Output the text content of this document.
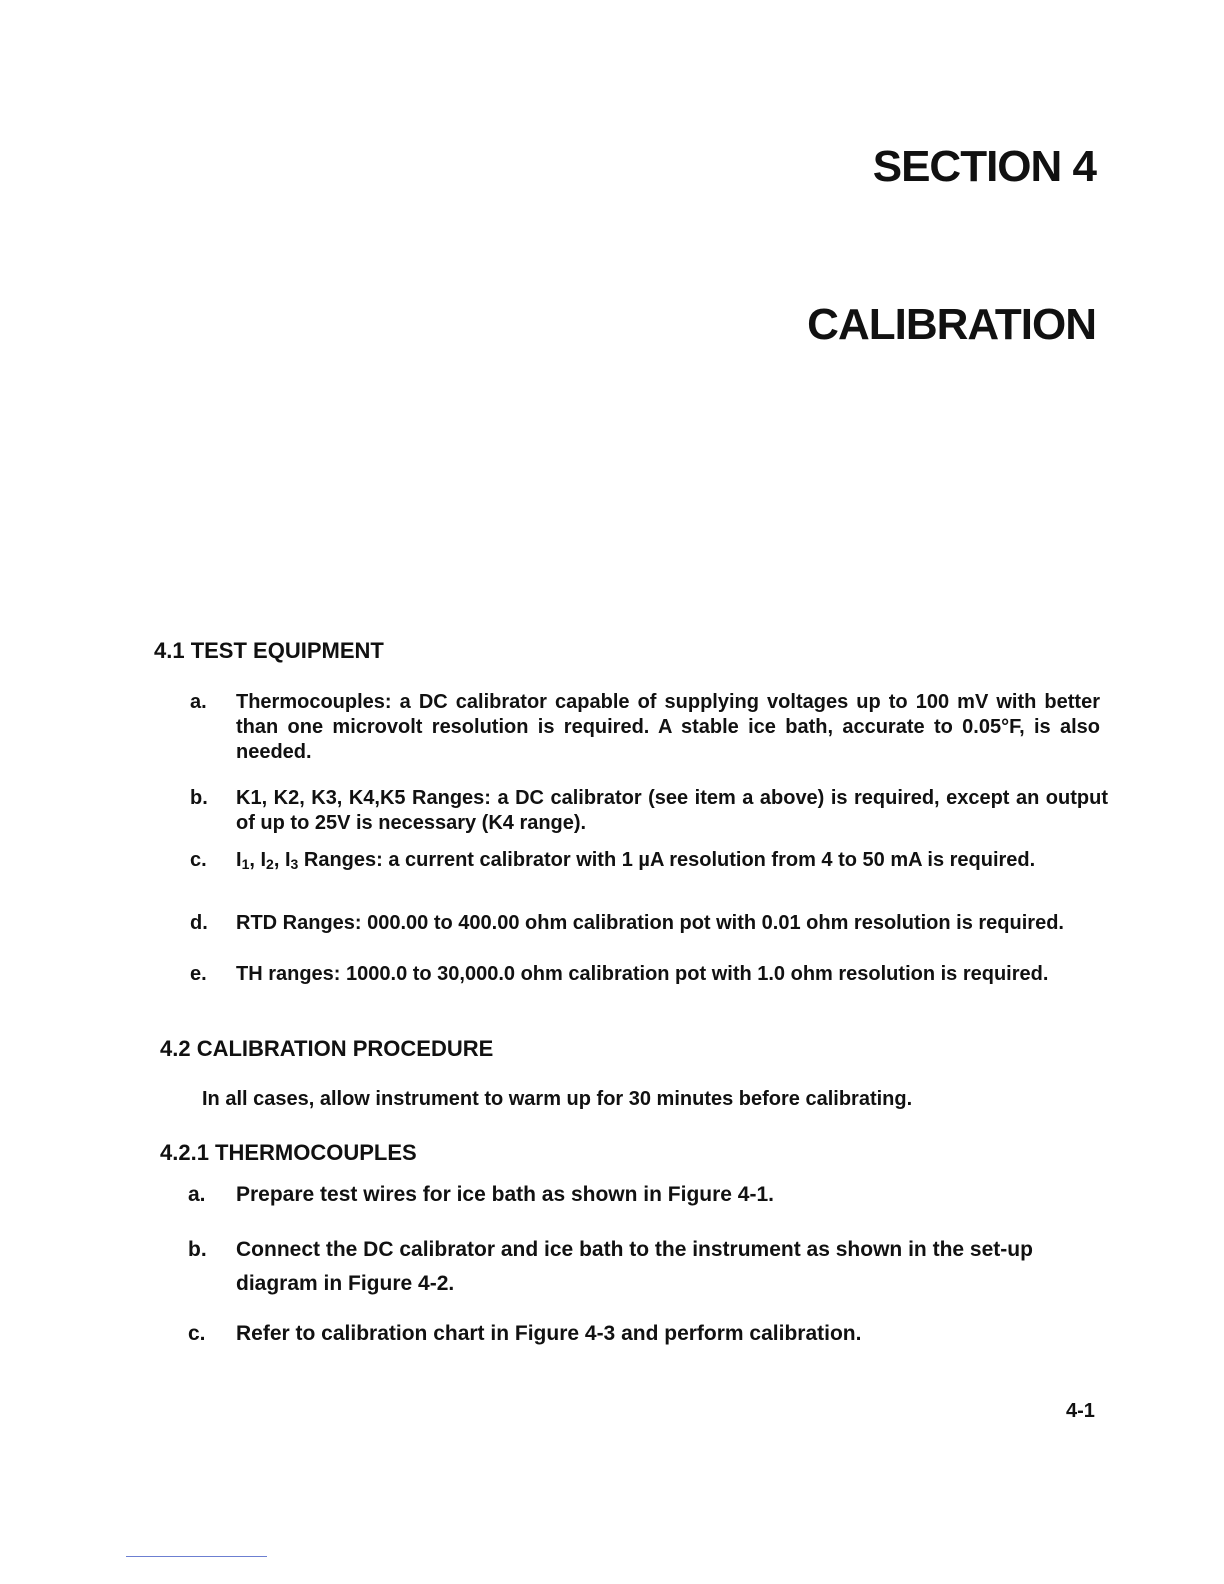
SECTION 4
CALIBRATION
4.1 TEST EQUIPMENT
a.	Thermocouples: a DC calibrator capable of supplying voltages up to 100 mV with better than one microvolt resolution is required. A stable ice bath, accurate to 0.05°F, is also needed.
b.	K1, K2, K3, K4,K5 Ranges: a DC calibrator (see item a above) is required, except an output of up to 25V is necessary (K4 range).
c.	$I_1$, $I_2$, $I_3$ Ranges: a current calibrator with 1 µA resolution from 4 to 50 mA is required.
d.	RTD Ranges: 000.00 to 400.00 ohm calibration pot with 0.01 ohm resolution is required.
e.	TH ranges: 1000.0 to 30,000.0 ohm calibration pot with 1.0 ohm resolution is required.
4.2 CALIBRATION PROCEDURE

In all cases, allow instrument to warm up for 30 minutes before calibrating.

4.2.1 THERMOCOUPLES
a.	Prepare test wires for ice bath as shown in Figure 4-1.
b.	Connect the DC calibrator and ice bath to the instrument as shown in the set-up diagram in Figure 4-2.
c.	Refer to calibration chart in Figure 4-3 and perform calibration.

4-1
